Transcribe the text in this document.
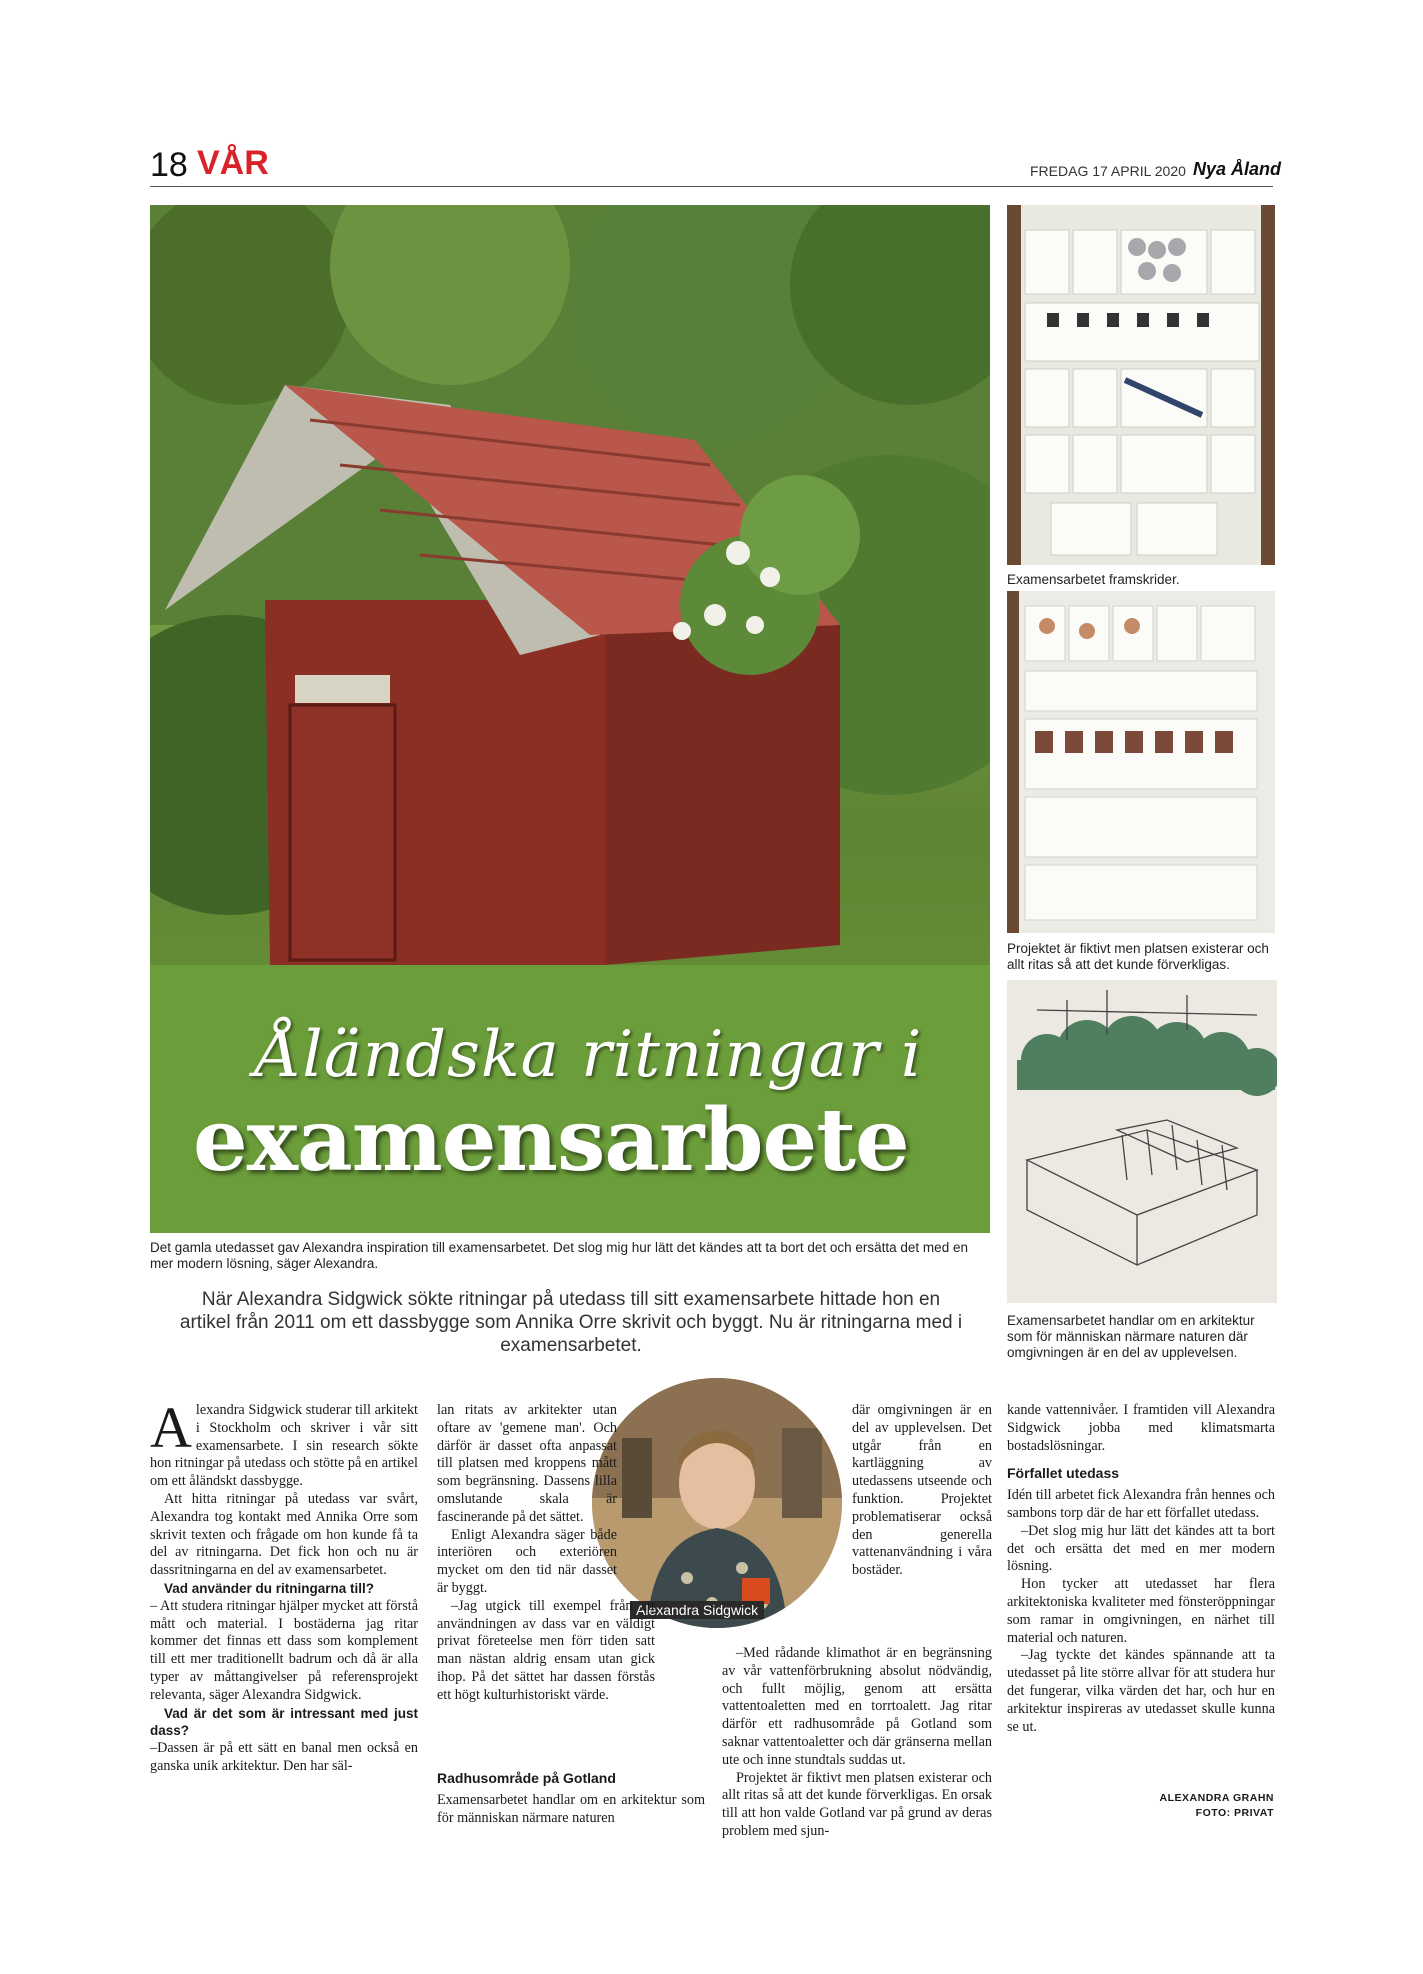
18 VÅR	FREDAG 17 APRIL 2020 Nya Åland
Åländska ritningar i
examensarbete
Det gamla utedasset gav Alexandra inspiration till examensarbetet. Det slog mig hur lätt det kändes att ta bort det och ersätta det med en mer modern lösning, säger Alexandra.
Examensarbetet framskrider.
Projektet är fiktivt men platsen existerar och allt ritas så att det kunde förverkligas.
Examensarbetet handlar om en arkitektur som för människan närmare naturen där omgivningen är en del av upplevelsen.
När Alexandra Sidgwick sökte ritningar på utedass till sitt examensarbete hittade hon en artikel från 2011 om ett dassbygge som Annika Orre skrivit och byggt. Nu är ritningarna med i examensarbetet.
Alexandra Sidgwick

Alexandra Sidgwick studerar till arkitekt i Stockholm och skriver i vår sitt examensarbete. I sin research sökte hon ritningar på utedass och stötte på en artikel om ett åländskt dassbygge.

Att hitta ritningar på utedass var svårt, Alexandra tog kontakt med Annika Orre som skrivit texten och frågade om hon kunde få ta del av ritningarna. Det fick hon och nu är dassritningarna en del av examensarbetet.

Vad använder du ritningarna till?

– Att studera ritningar hjälper mycket att förstå mått och material. I bostäderna jag ritar kommer det finnas ett dass som komplement till ett mer traditionellt badrum och då är alla typer av måttangivelser på referensprojekt relevanta, säger Alexandra Sidgwick.

Vad är det som är intressant med just dass?

–Dassen är på ett sätt en banal men också en ganska unik arkitektur. Den har säl-

lan ritats av arkitekter utan oftare av 'gemene man'. Och därför är dasset ofta anpassat till platsen med kroppens mått som begränsning. Dassens lilla omslutande skala är fascinerande på det sättet.

Enligt Alexandra säger både interiören och exteriören mycket om den tid när dasset är byggt.

–Jag utgick till exempel från att användningen av dass var en väldigt privat företeelse men förr tiden satt man nästan aldrig ensam utan gick ihop. På det sättet har dassen förstås ett högt kulturhistoriskt värde.

Radhusområde på Gotland

Examensarbetet handlar om en arkitektur som för människan närmare naturen

där omgivningen är en del av upplevelsen. Det utgår från en kartläggning av utedassens utseende och funktion. Projektet problematiserar också den generella vattenanvändning i våra bostäder.

–Med rådande klimathot är en begränsning av vår vattenförbrukning absolut nödvändig, och fullt möjlig, genom att ersätta vattentoaletten med en torrtoalett. Jag ritar därför ett radhusområde på Gotland som saknar vattentoaletter och där gränserna mellan ute och inne stundtals suddas ut.

Projektet är fiktivt men platsen existerar och allt ritas så att det kunde förverkligas. En orsak till att hon valde Gotland var på grund av deras problem med sjun-

kande vattennivåer. I framtiden vill Alexandra Sidgwick jobba med klimatsmarta bostadslösningar.

Förfallet utedass

Idén till arbetet fick Alexandra från hennes och sambons torp där de har ett förfallet utedass.

–Det slog mig hur lätt det kändes att ta bort det och ersätta det med en mer modern lösning.

Hon tycker att utedasset har flera arkitektoniska kvaliteter med fönsteröppningar som ramar in omgivningen, en närhet till material och naturen.

–Jag tyckte det kändes spännande att ta utedasset på lite större allvar för att studera hur det fungerar, vilka värden det har, och hur en arkitektur inspireras av utedasset skulle kunna se ut.

ALEXANDRA GRAHN
FOTO: PRIVAT
